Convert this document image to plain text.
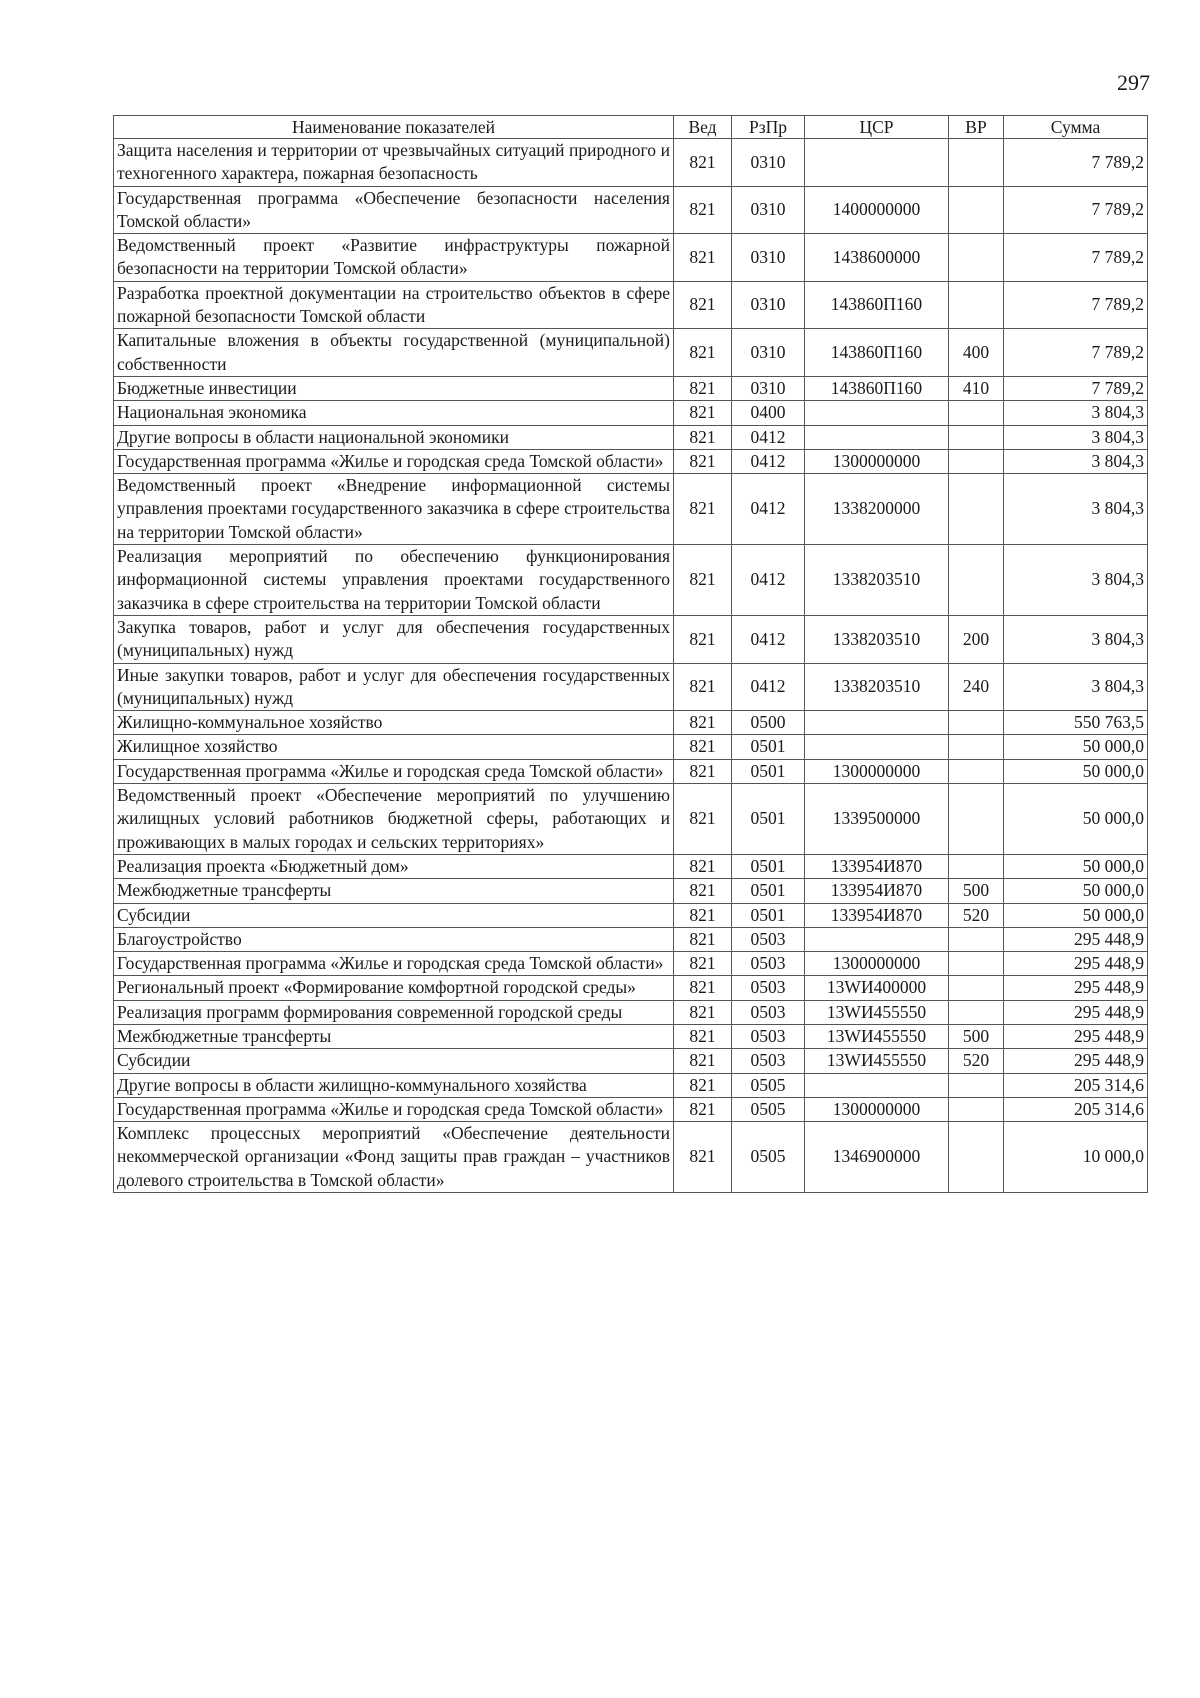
297
Наименование показателей	Вед	РзПр	ЦСР	ВР	Сумма
Защита населения и территории от чрезвычайных ситуаций природного и техногенного характера, пожарная безопасность	821	0310			7 789,2
Государственная программа «Обеспечение безопасности населения Томской области»	821	0310	1400000000		7 789,2
Ведомственный проект «Развитие инфраструктуры пожарной безопасности на территории Томской области»	821	0310	1438600000		7 789,2
Разработка проектной документации на строительство объектов в сфере пожарной безопасности Томской области	821	0310	143860П160		7 789,2
Капитальные вложения в объекты государственной (муниципальной) собственности	821	0310	143860П160	400	7 789,2
Бюджетные инвестиции	821	0310	143860П160	410	7 789,2
Национальная экономика	821	0400			3 804,3
Другие вопросы в области национальной экономики	821	0412			3 804,3
Государственная программа «Жилье и городская среда Томской области»	821	0412	1300000000		3 804,3
Ведомственный проект «Внедрение информационной системы управления проектами государственного заказчика в сфере строительства на территории Томской области»	821	0412	1338200000		3 804,3
Реализация мероприятий по обеспечению функционирования информационной системы управления проектами государственного заказчика в сфере строительства на территории Томской области	821	0412	1338203510		3 804,3
Закупка товаров, работ и услуг для обеспечения государственных (муниципальных) нужд	821	0412	1338203510	200	3 804,3
Иные закупки товаров, работ и услуг для обеспечения государственных (муниципальных) нужд	821	0412	1338203510	240	3 804,3
Жилищно-коммунальное хозяйство	821	0500			550 763,5
Жилищное хозяйство	821	0501			50 000,0
Государственная программа «Жилье и городская среда Томской области»	821	0501	1300000000		50 000,0
Ведомственный проект «Обеспечение мероприятий по улучшению жилищных условий работников бюджетной сферы, работающих и проживающих в малых городах и сельских территориях»	821	0501	1339500000		50 000,0
Реализация проекта «Бюджетный дом»	821	0501	133954И870		50 000,0
Межбюджетные трансферты	821	0501	133954И870	500	50 000,0
Субсидии	821	0501	133954И870	520	50 000,0
Благоустройство	821	0503			295 448,9
Государственная программа «Жилье и городская среда Томской области»	821	0503	1300000000		295 448,9
Региональный проект «Формирование комфортной городской среды»	821	0503	13WИ400000		295 448,9
Реализация программ формирования современной городской среды	821	0503	13WИ455550		295 448,9
Межбюджетные трансферты	821	0503	13WИ455550	500	295 448,9
Субсидии	821	0503	13WИ455550	520	295 448,9
Другие вопросы в области жилищно-коммунального хозяйства	821	0505			205 314,6
Государственная программа «Жилье и городская среда Томской области»	821	0505	1300000000		205 314,6
Комплекс процессных мероприятий «Обеспечение деятельности некоммерческой организации «Фонд защиты прав граждан – участников долевого строительства в Томской области»	821	0505	1346900000		10 000,0
